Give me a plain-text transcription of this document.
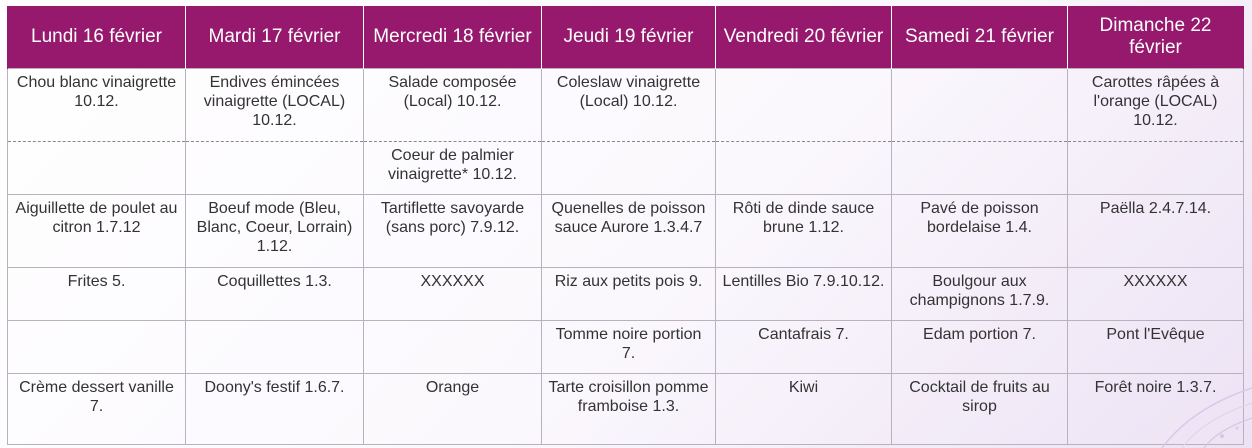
Lundi 16 février	Mardi 17 février	Mercredi 18 février	Jeudi 19 février	Vendredi 20 février	Samedi 21 février	Dimanche 22 février
Chou blanc vinaigrette 10.12.	Endives émincées vinaigrette (LOCAL) 10.12.	Salade composée (Local) 10.12.	Coleslaw vinaigrette (Local) 10.12.			Carottes râpées à l'orange (LOCAL) 10.12.
		Coeur de palmier vinaigrette* 10.12.				
Aiguillette de poulet au citron 1.7.12	Boeuf mode (Bleu, Blanc, Coeur, Lorrain) 1.12.	Tartiflette savoyarde (sans porc) 7.9.12.	Quenelles de poisson sauce Aurore 1.3.4.7	Rôti de dinde sauce brune 1.12.	Pavé de poisson bordelaise 1.4.	Paëlla 2.4.7.14.
Frites 5.	Coquillettes 1.3.	XXXXXX	Riz aux petits pois 9.	Lentilles Bio 7.9.10.12.	Boulgour aux champignons 1.7.9.	XXXXXX
			Tomme noire portion 7.	Cantafrais 7.	Edam portion 7.	Pont l'Evêque
Crème dessert vanille 7.	Doony's festif 1.6.7.	Orange	Tarte croisillon pomme framboise 1.3.	Kiwi	Cocktail de fruits au sirop	Forêt noire 1.3.7.
